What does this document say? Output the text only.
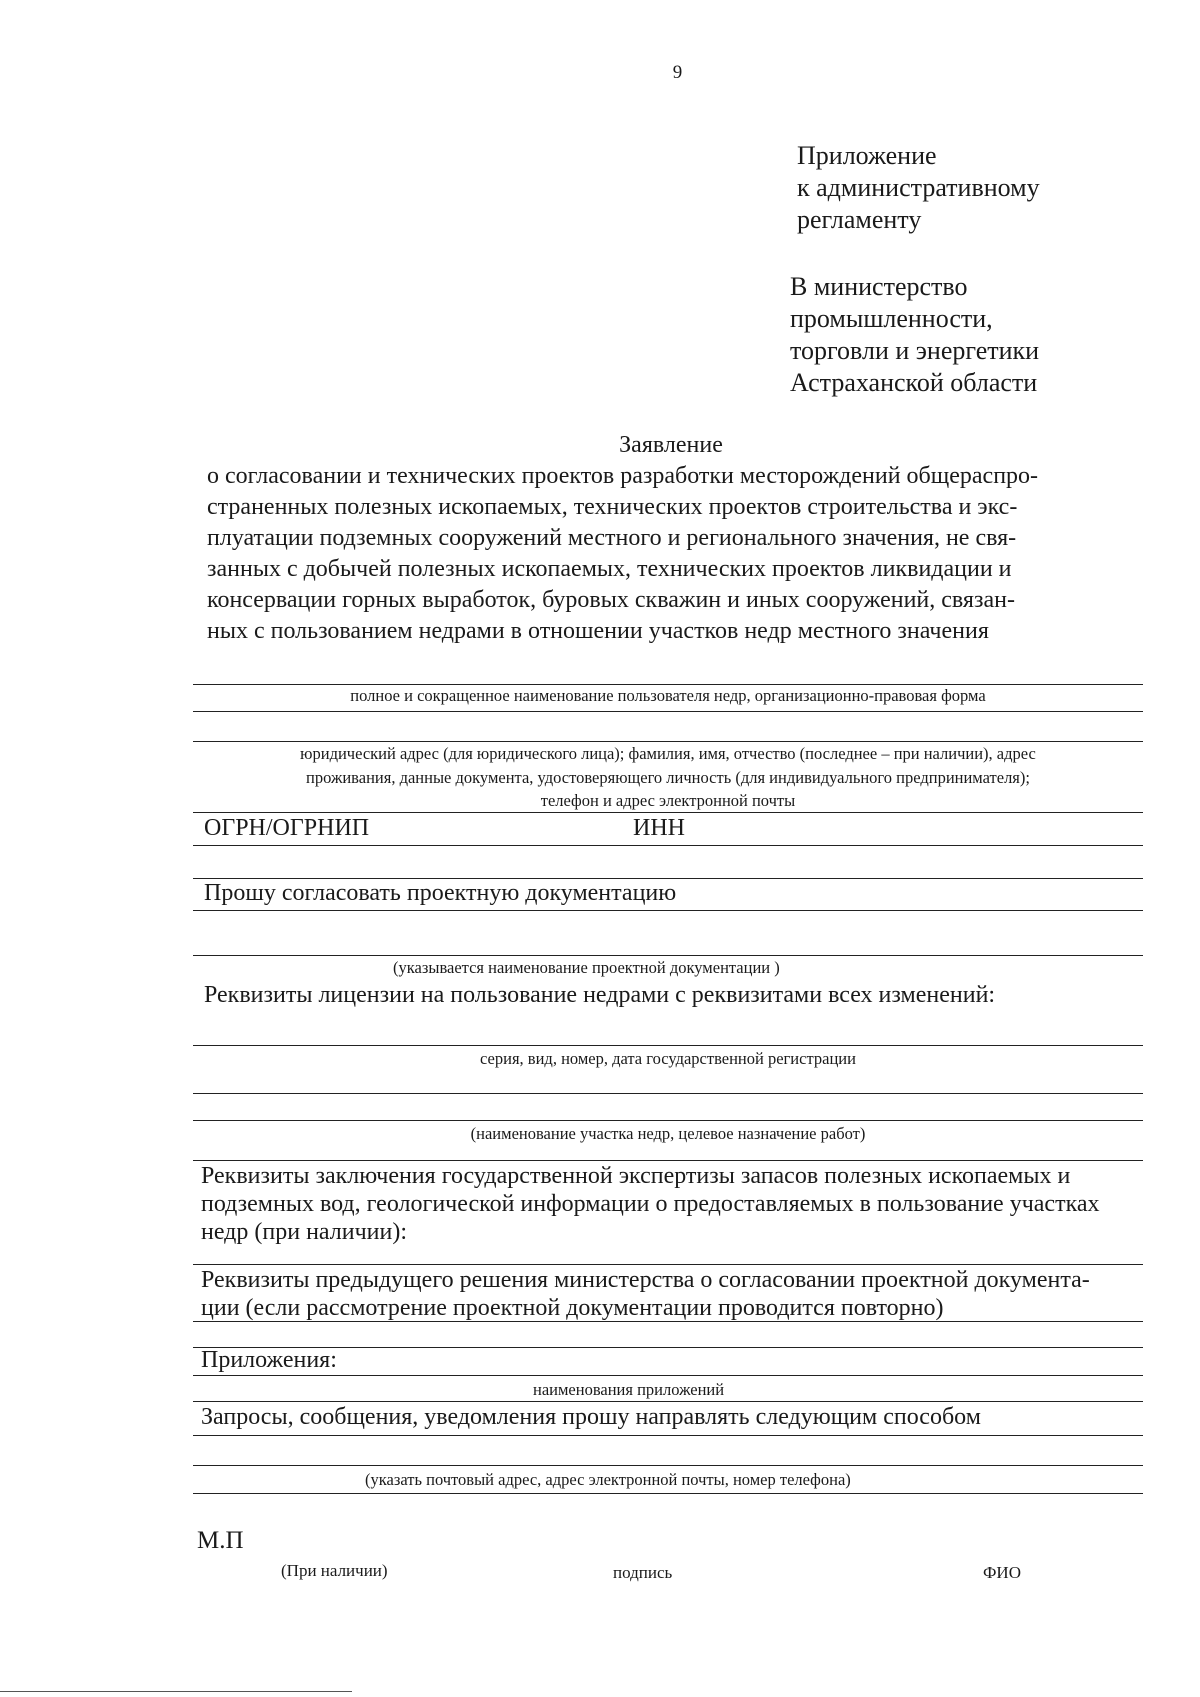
9
Приложение
к административному
регламенту
В министерство
промышленности,
торговли и энергетики
Астраханской области
Заявление
о согласовании и технических проектов разработки месторождений общераспро-
страненных полезных ископаемых, технических проектов строительства и экс-
плуатации подземных сооружений местного и регионального значения, не свя-
занных с добычей полезных ископаемых, технических проектов ликвидации и
консервации горных выработок, буровых скважин и иных сооружений, связан-
ных с пользованием недрами в отношении участков недр местного значения
полное и сокращенное наименование пользователя недр, организационно-правовая форма
юридический адрес (для юридического лица); фамилия, имя, отчество (последнее – при наличии), адрес
проживания, данные документа, удостоверяющего личность (для индивидуального предпринимателя);
телефон и адрес электронной почты
ОГРН/ОГРНИП	ИНН
Прошу согласовать проектную документацию
(указывается наименование проектной документации )
Реквизиты лицензии на пользование недрами с реквизитами всех изменений:
серия, вид, номер, дата государственной регистрации
(наименование участка недр, целевое назначение работ)
Реквизиты заключения государственной экспертизы запасов полезных ископаемых и
подземных вод, геологической информации о предоставляемых в пользование участках
недр (при наличии):
Реквизиты предыдущего решения министерства о согласовании проектной документа-
ции (если рассмотрение проектной документации проводится повторно)
Приложения:
наименования приложений
Запросы, сообщения, уведомления прошу направлять следующим способом
(указать почтовый адрес, адрес электронной почты, номер телефона)
М.П
(При наличии)	подпись	ФИО
